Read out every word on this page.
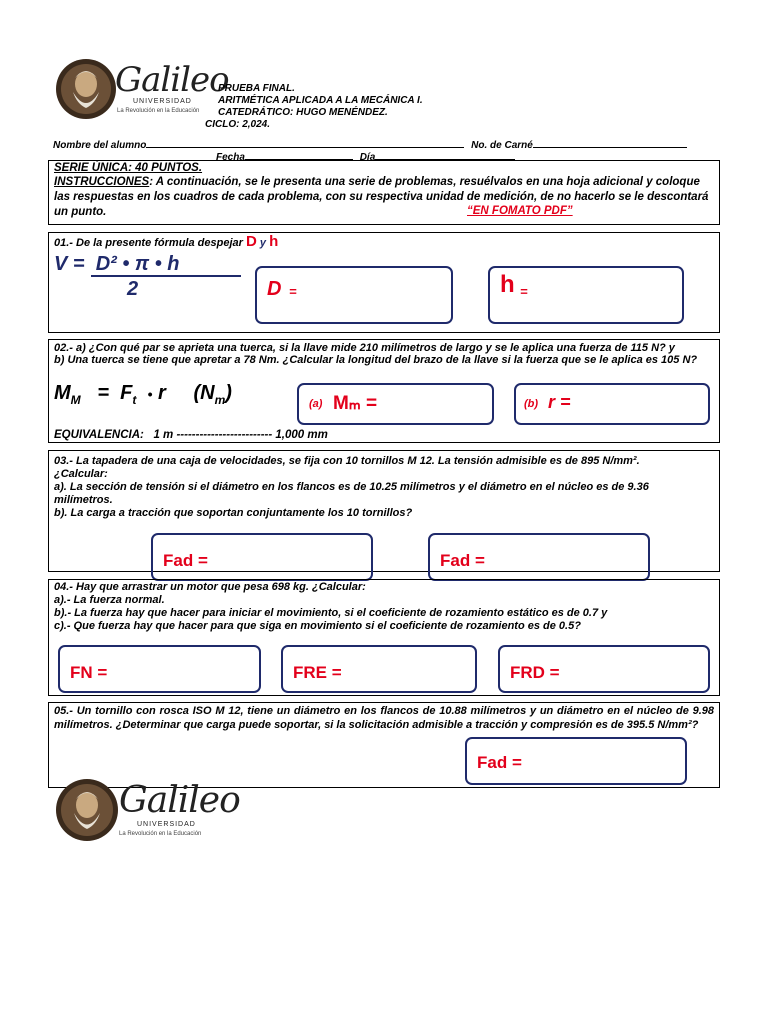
Galileo
UNIVERSIDAD
La Revolución en la Educación
PRUEBA FINAL.
ARITMÉTICA APLICADA A LA MECÁNICA I.
CATEDRÁTICO: HUGO MENÉNDEZ.
CICLO: 2,024.
Nombre del alumno	No. de Carné
Fecha	Día
SERIE ÚNICA: 40 PUNTOS.
INSTRUCCIONES: A continuación, se le presenta una serie de problemas, resuélvalos en una hoja adicional y coloque las respuestas en los cuadros de cada problema, con su respectiva unidad de medición, de no hacerlo se le descontará un punto.	“EN FOMATO PDF”
01.- De la presente fórmula despejar D y h
V =  D² • π • h
2	D =	h =
02.- a) ¿Con qué par se aprieta una tuerca, si la llave mide 210 milímetros de largo y se le aplica una fuerza de 115 N? y
b) Una tuerca se tiene que apretar a 78 Nm. ¿Calcular la longitud del brazo de la llave si la fuerza que se le aplica es 105 N?
$M_M = F_t$ • r     $(N_m)$	(a) Mₘ =	(b) r =
EQUIVALENCIA:   1 m ------------------------- 1,000 mm
03.- La tapadera de una caja de velocidades, se fija con 10 tornillos M 12. La tensión admisible es de 895 N/mm².
¿Calcular:
a). La sección de tensión si el diámetro en los flancos es de 10.25 milímetros y el diámetro en el núcleo es de 9.36 milímetros.
b). La carga a tracción que soportan conjuntamente los 10 tornillos?
Fad =	Fad =
04.- Hay que arrastrar un motor que pesa 698 kg. ¿Calcular:
a).- La fuerza normal.
b).- La fuerza hay que hacer para iniciar el movimiento, si el coeficiente de rozamiento estático es de 0.7 y
c).- Que fuerza hay que hacer para que siga en movimiento si el coeficiente de rozamiento es de 0.5?
FN =	FRE =	FRD =
05.- Un tornillo con rosca ISO M 12, tiene un diámetro en los flancos de 10.88 milímetros y un diámetro en el núcleo de 9.98 milímetros. ¿Determinar que carga puede soportar, si la solicitación admisible a tracción y compresión es de 395.5 N/mm²?
Fad =
Galileo
UNIVERSIDAD
La Revolución en la Educación
